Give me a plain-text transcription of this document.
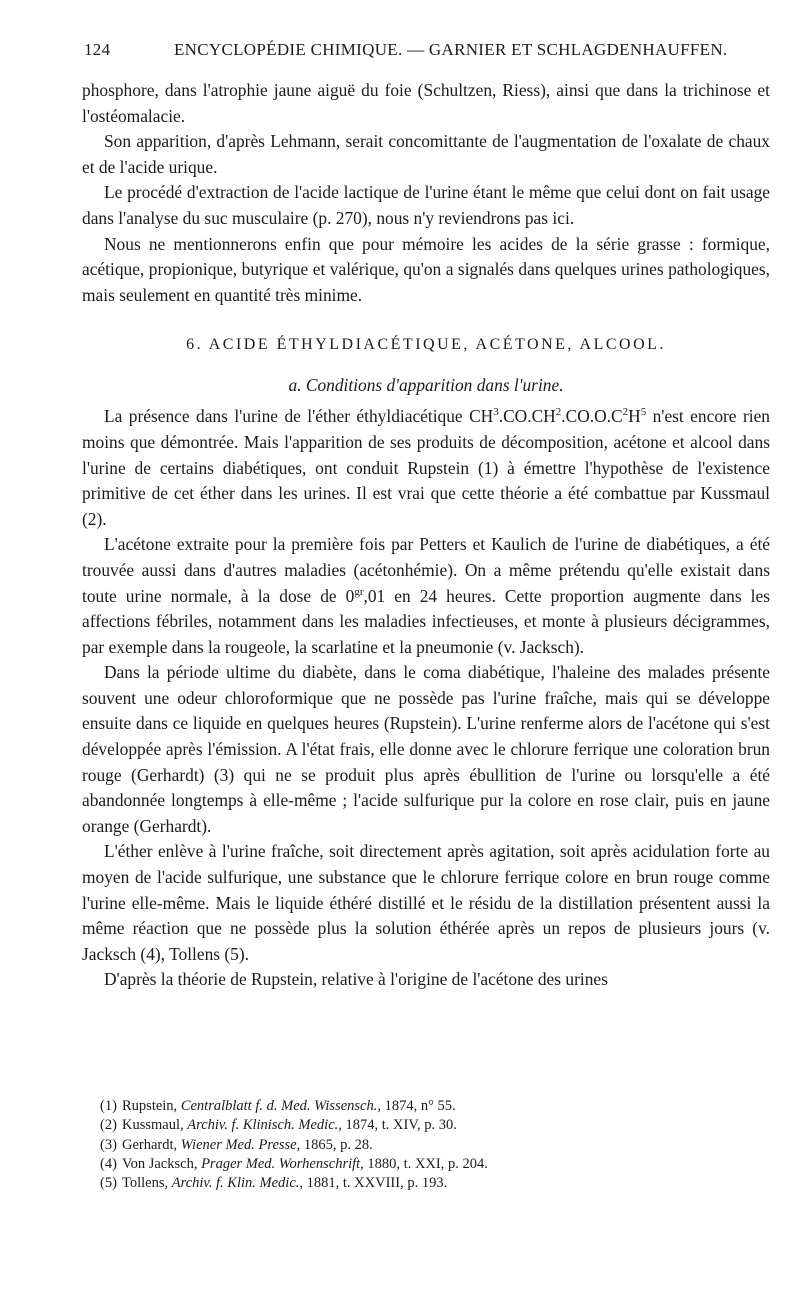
124	ENCYCLOPÉDIE CHIMIQUE. — GARNIER ET SCHLAGDENHAUFFEN.

phosphore, dans l'atrophie jaune aiguë du foie (Schultzen, Riess), ainsi que dans la trichinose et l'ostéomalacie.

Son apparition, d'après Lehmann, serait concomittante de l'augmentation de l'oxalate de chaux et de l'acide urique.

Le procédé d'extraction de l'acide lactique de l'urine étant le même que celui dont on fait usage dans l'analyse du suc musculaire (p. 270), nous n'y reviendrons pas ici.

Nous ne mentionnerons enfin que pour mémoire les acides de la série grasse : formique, acétique, propionique, butyrique et valérique, qu'on a signalés dans quelques urines pathologiques, mais seulement en quantité très minime.

6. ACIDE ÉTHYLDIACÉTIQUE, ACÉTONE, ALCOOL.
a. Conditions d'apparition dans l'urine.

La présence dans l'urine de l'éther éthyldiacétique $CH^3.CO.CH^2.CO.O.C^2H^5$ n'est encore rien moins que démontrée. Mais l'apparition de ses produits de décomposition, acétone et alcool dans l'urine de certains diabétiques, ont conduit Rupstein (1) à émettre l'hypothèse de l'existence primitive de cet éther dans les urines. Il est vrai que cette théorie a été combattue par Kussmaul (2).

L'acétone extraite pour la première fois par Petters et Kaulich de l'urine de diabétiques, a été trouvée aussi dans d'autres maladies (acétonhémie). On a même prétendu qu'elle existait dans toute urine normale, à la dose de $0^{gr},01$ en 24 heures. Cette proportion augmente dans les affections fébriles, notamment dans les maladies infectieuses, et monte à plusieurs décigrammes, par exemple dans la rougeole, la scarlatine et la pneumonie (v. Jacksch).

Dans la période ultime du diabète, dans le coma diabétique, l'haleine des malades présente souvent une odeur chloroformique que ne possède pas l'urine fraîche, mais qui se développe ensuite dans ce liquide en quelques heures (Rupstein). L'urine renferme alors de l'acétone qui s'est développée après l'émission. A l'état frais, elle donne avec le chlorure ferrique une coloration brun rouge (Gerhardt) (3) qui ne se produit plus après ébullition de l'urine ou lorsqu'elle a été abandonnée longtemps à elle-même ; l'acide sulfurique pur la colore en rose clair, puis en jaune orange (Gerhardt).

L'éther enlève à l'urine fraîche, soit directement après agitation, soit après acidulation forte au moyen de l'acide sulfurique, une substance que le chlorure ferrique colore en brun rouge comme l'urine elle-même. Mais le liquide éthéré distillé et le résidu de la distillation présentent aussi la même réaction que ne possède plus la solution éthérée après un repos de plusieurs jours (v. Jacksch (4), Tollens (5).

D'après la théorie de Rupstein, relative à l'origine de l'acétone des urines

(1) Rupstein, Centralblatt f. d. Med. Wissensch., 1874, n° 55.

(2) Kussmaul, Archiv. f. Klinisch. Medic., 1874, t. XIV, p. 30.

(3) Gerhardt, Wiener Med. Presse, 1865, p. 28.

(4) Von Jacksch, Prager Med. Worhenschrift, 1880, t. XXI, p. 204.

(5) Tollens, Archiv. f. Klin. Medic., 1881, t. XXVIII, p. 193.
